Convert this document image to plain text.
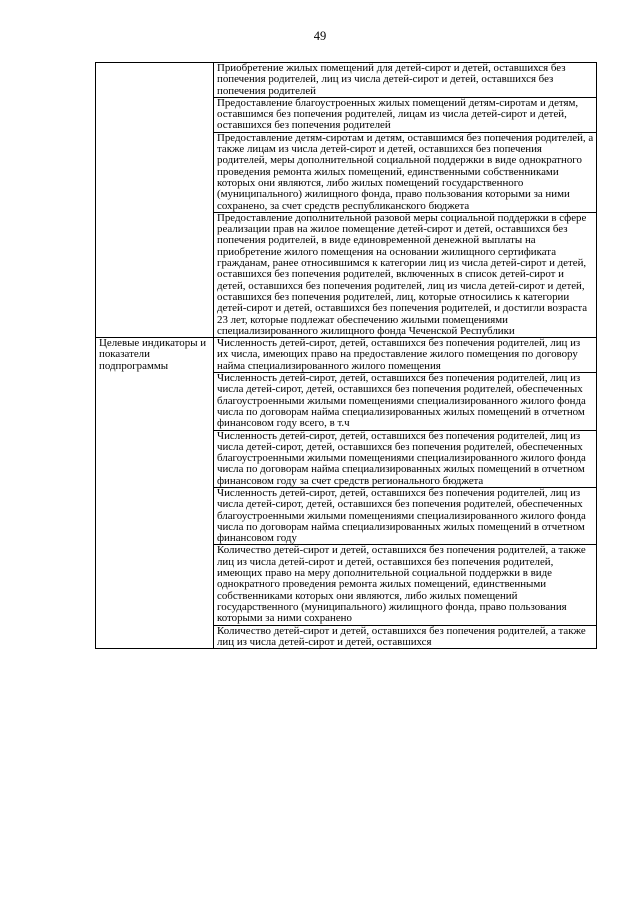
49

	Приобретение жилых помещений для детей-сирот и детей, оставшихся без попечения родителей, лиц из числа детей-сирот и детей, оставшихся без попечения родителей

	Предоставление благоустроенных жилых помещений детям-сиротам и детям, оставшимся без попечения родителей, лицам из числа детей-сирот и детей, оставшихся без попечения родителей

	Предоставление детям-сиротам и детям, оставшимся без попечения родителей, а также лицам из числа детей-сирот и детей, оставшихся без попечения родителей, меры дополнительной социальной поддержки в виде однократного проведения ремонта жилых помещений, единственными собственниками которых они являются, либо жилых помещений государственного (муниципального) жилищного фонда, право пользования которыми за ними сохранено, за счет средств республиканского бюджета

	Предоставление дополнительной разовой меры социальной поддержки в сфере реализации прав на жилое помещение детей-сирот и детей, оставшихся без попечения родителей, в виде единовременной денежной выплаты на приобретение жилого помещения на основании жилищного сертификата гражданам, ранее относившимся к категории лиц из числа детей-сирот и детей, оставшихся без попечения родителей, включенных в список детей-сирот и детей, оставшихся без попечения родителей, лиц из числа детей-сирот и детей, оставшихся без попечения родителей, лиц, которые относились к категории детей-сирот и детей, оставшихся без попечения родителей, и достигли возраста 23 лет, которые подлежат обеспечению жилыми помещениями специализированного жилищного фонда Чеченской Республики

Целевые индикаторы и показатели подпрограммы	Численность детей-сирот, детей, оставшихся без попечения родителей, лиц из их числа, имеющих право на предоставление жилого помещения по договору найма специализированного жилого помещения

	Численность детей-сирот, детей, оставшихся без попечения родителей, лиц из числа детей-сирот, детей, оставшихся без попечения родителей, обеспеченных благоустроенными жилыми помещениями специализированного жилого фонда числа по договорам найма специализированных жилых помещений в отчетном финансовом году всего, в т.ч

	Численность детей-сирот, детей, оставшихся без попечения родителей, лиц из числа детей-сирот, детей, оставшихся без попечения родителей, обеспеченных благоустроенными жилыми помещениями специализированного жилого фонда числа по договорам найма специализированных жилых помещений в отчетном финансовом году за счет средств регионального бюджета

	Численность детей-сирот, детей, оставшихся без попечения родителей, лиц из числа детей-сирот, детей, оставшихся без попечения родителей, обеспеченных благоустроенными жилыми помещениями специализированного жилого фонда числа по договорам найма специализированных жилых помещений в отчетном финансовом году

	Количество детей-сирот и детей, оставшихся без попечения родителей, а также лиц из числа детей-сирот и детей, оставшихся без попечения родителей, имеющих право на меру дополнительной социальной поддержки в виде однократного проведения ремонта жилых помещений, единственными собственниками которых они являются, либо жилых помещений государственного (муниципального) жилищного фонда, право пользования которыми за ними сохранено

	Количество детей-сирот и детей, оставшихся без попечения родителей, а также лиц из числа детей-сирот и детей, оставшихся
